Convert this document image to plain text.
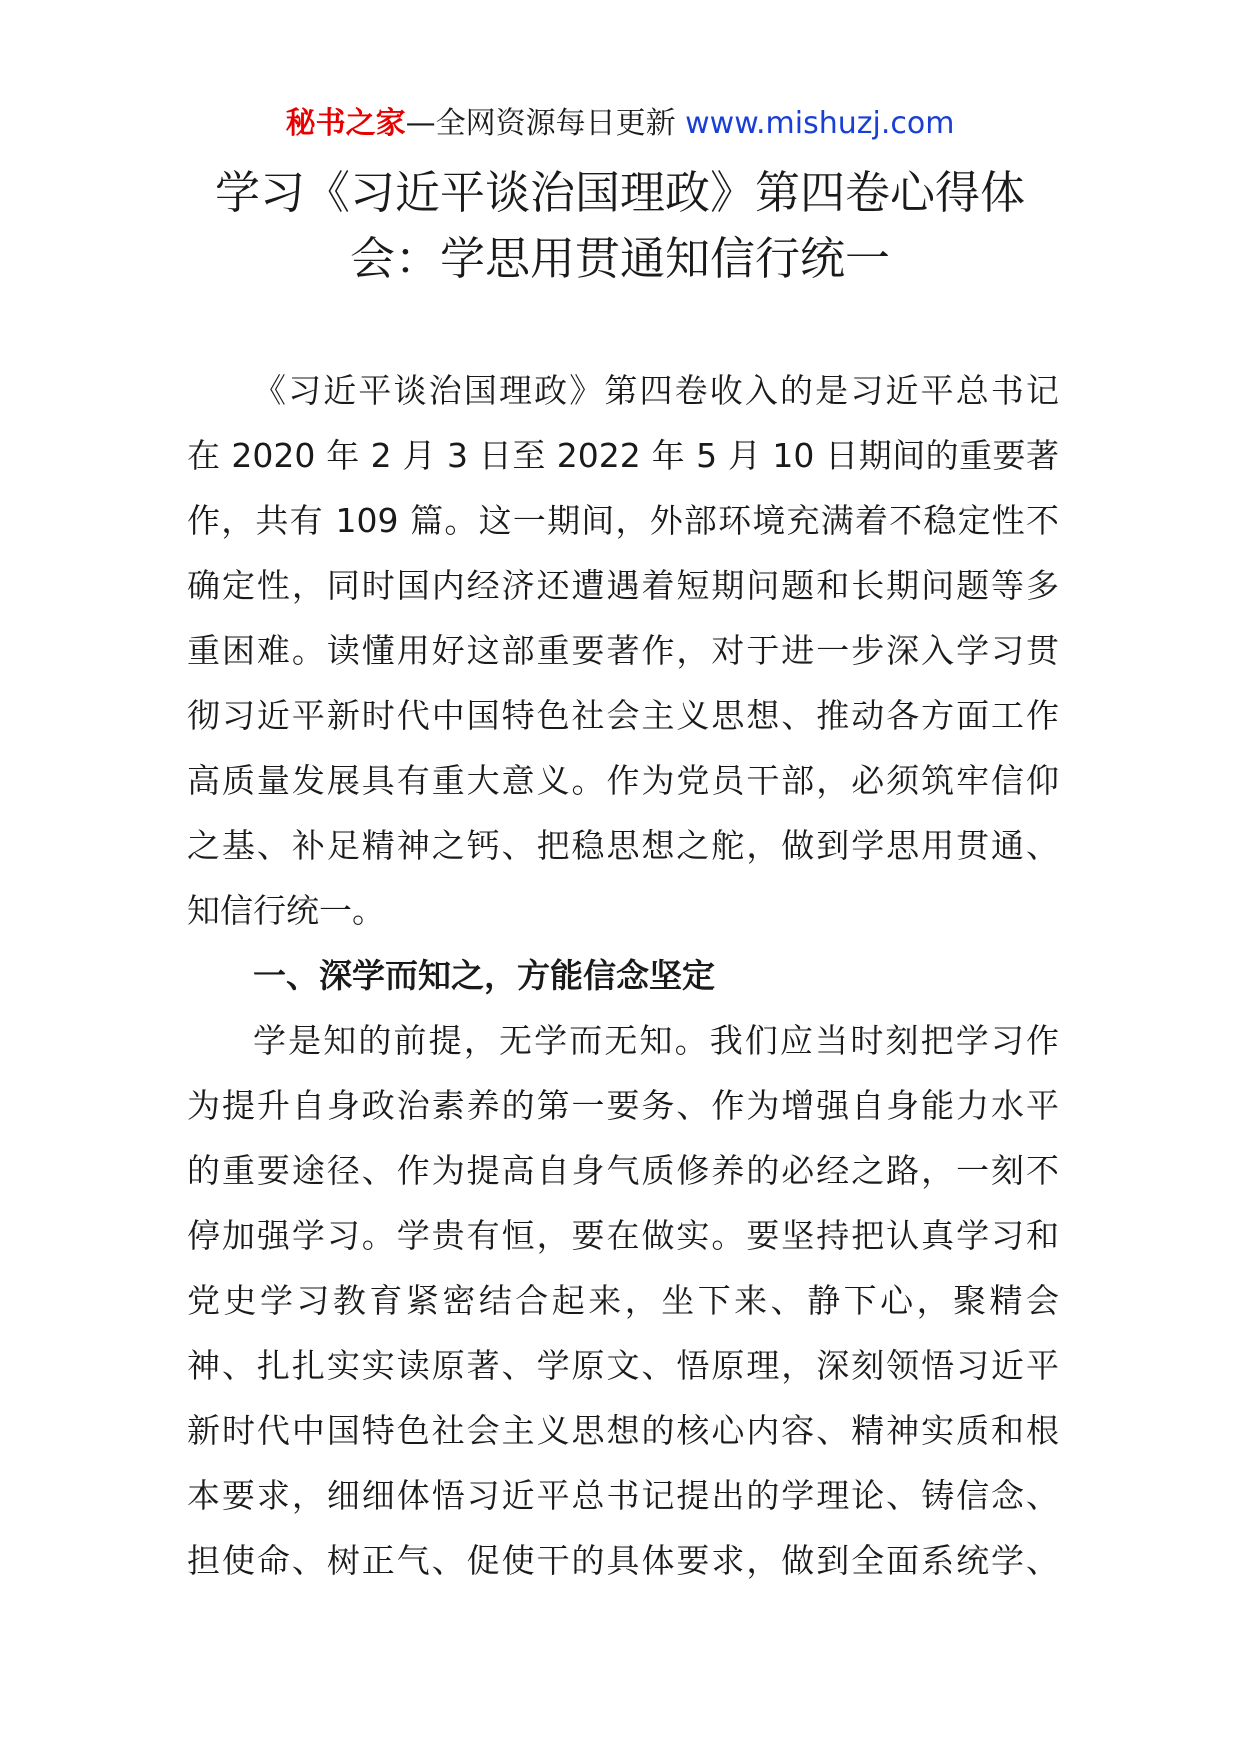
秘书之家—全网资源每日更新 www.mishuzj.com
学习《习近平谈治国理政》第四卷心得体
会：学思用贯通知信行统一
《习近平谈治国理政》第四卷收入的是习近平总书记
在 2020 年 2 月 3 日至 2022 年 5 月 10 日期间的重要著
作，共有 109 篇。这一期间，外部环境充满着不稳定性不
确定性，同时国内经济还遭遇着短期问题和长期问题等多
重困难。读懂用好这部重要著作，对于进一步深入学习贯
彻习近平新时代中国特色社会主义思想、推动各方面工作
高质量发展具有重大意义。作为党员干部，必须筑牢信仰
之基、补足精神之钙、把稳思想之舵，做到学思用贯通、
知信行统一。
一、深学而知之，方能信念坚定
学是知的前提，无学而无知。我们应当时刻把学习作
为提升自身政治素养的第一要务、作为增强自身能力水平
的重要途径、作为提高自身气质修养的必经之路，一刻不
停加强学习。学贵有恒，要在做实。要坚持把认真学习和
党史学习教育紧密结合起来，坐下来、静下心，聚精会
神、扎扎实实读原著、学原文、悟原理，深刻领悟习近平
新时代中国特色社会主义思想的核心内容、精神实质和根
本要求，细细体悟习近平总书记提出的学理论、铸信念、
担使命、树正气、促使干的具体要求，做到全面系统学、
